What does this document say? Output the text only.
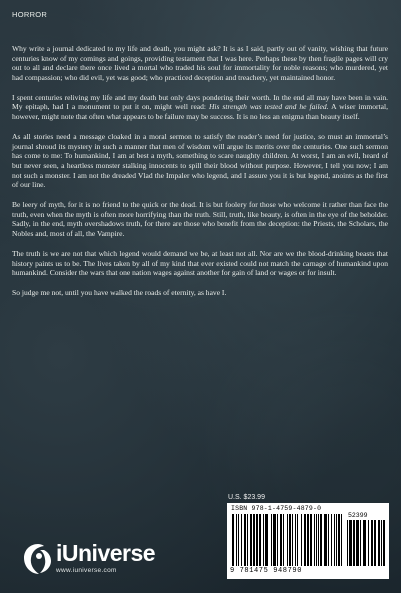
HORROR

Why write a journal dedicated to my life and death, you might ask? It is as I said, partly out of vanity, wishing that future centuries know of my comings and goings, providing testament that I was here. Perhaps these by then fragile pages will cry out to all and declare there once lived a mortal who traded his soul for immortality for noble reasons; who murdered, yet had compassion; who did evil, yet was good; who practiced deception and treachery, yet maintained honor.

I spent centuries reliving my life and my death but only days pondering their worth. In the end all may have been in vain. My epitaph, had I a monument to put it on, might well read: His strength was tested and he failed. A wiser immortal, however, might note that often what appears to be failure may be success. It is no less an enigma than beauty itself.

As all stories need a message cloaked in a moral sermon to satisfy the reader’s need for justice, so must an immortal’s journal shroud its mystery in such a manner that men of wisdom will argue its merits over the centuries. One such sermon has come to me: To humankind, I am at best a myth, something to scare naughty children. At worst, I am an evil, heard of but never seen, a heartless monster stalking innocents to spill their blood without purpose. However, I tell you now; I am not such a monster. I am not the dreaded Vlad the Impaler who legend, and I assure you it is but legend, anoints as the first of our line.

Be leery of myth, for it is no friend to the quick or the dead. It is but foolery for those who welcome it rather than face the truth, even when the myth is often more horrifying than the truth. Still, truth, like beauty, is often in the eye of the beholder. Sadly, in the end, myth overshadows truth, for there are those who benefit from the deception: the Priests, the Scholars, the Nobles and, most of all, the Vampire.

The truth is we are not that which legend would demand we be, at least not all. Nor are we the blood-drinking beasts that history paints us to be. The lives taken by all of my kind that ever existed could not match the carnage of humankind upon humankind. Consider the wars that one nation wages against another for gain of land or wages or for insult.

So judge me not, until you have walked the roads of eternity, as have I.

U.S. $23.99
ISBN 978-1-4759-4879-0
52399
9 781475 948790
iUniverse
www.iuniverse.com
